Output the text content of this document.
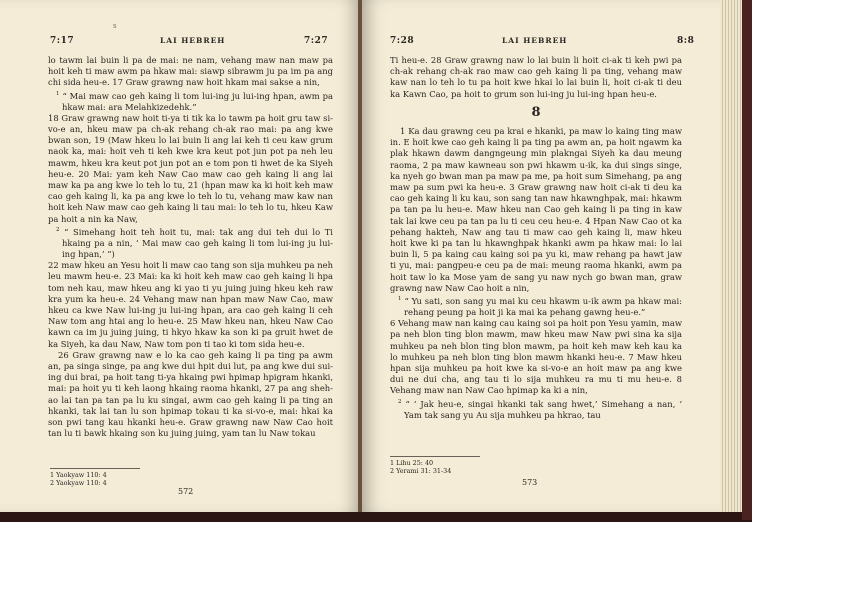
s
7:17	LAI HEBREH	7:27

lo tawm lai buin li pa de mai: ne nam, vehang maw nan maw pa hoit keh ti maw awm pa hkaw mai: siawp sibrawm ju pa im pa ang chi sida heu-e. 17 Graw grawng naw hoit hkam mai sakse a nin,

$^1$ “ Mai maw cao geh kaing li tom lui-ing ju lui-ing hpan, awm pa hkaw mai: ara Melahkizedehk.”

18 Graw grawng naw hoit ti-ya ti tik ka lo tawm pa hoit gru taw si-vo-e an, hkeu maw pa ch-ak rehang ch-ak rao mai: pa ang kwe bwan son, 19 (Maw hkeu lo lai buin li ang lai keh ti ceu kaw grum naok ka, mai: hoit veh ti keh kwe kra keut pot jun pot pa neh leu mawm, hkeu kra keut pot jun pot an e tom pon ti hwet de ka Siyeh heu-e. 20 Mai: yam keh Naw Cao maw cao geh kaing li ang lai maw ka pa ang kwe lo teh lo tu, 21 (hpan maw ka ki hoit keh maw cao geh kaing li, ka pa ang kwe lo teh lo tu, vehang maw kaw nan hoit keh Naw maw cao geh kaing li tau mai: lo teh lo tu, hkeu Kaw pa hoit a nin ka Naw,

$^2$ “ Simehang hoit teh hoit tu, mai: tak ang dui teh dui lo Ti hkaing pa a nin, ‘ Mai maw cao geh kaing li tom lui-ing ju lui-ing hpan,’ ”)

22 maw hkeu an Yesu hoit li maw cao tang son sija muhkeu pa neh leu mawm heu-e. 23 Mai: ka ki hoit keh maw cao geh kaing li hpa tom neh kau, maw hkeu ang ki yao ti yu juing juing hkeu keh raw kra yum ka heu-e. 24 Vehang maw nan hpan maw Naw Cao, maw hkeu ca kwe Naw lui-ing ju lui-ing hpan, ara cao geh kaing li ceh Naw tom ang htai ang lo heu-e. 25 Maw hkeu nan, hkeu Naw Cao kawn ca im ju juing juing, ti hkyo hkaw ka son ki pa gruit hwet de ka Siyeh, ka dau Naw, Naw tom pon ti tao ki tom sida heu-e.

26 Graw grawng naw e lo ka cao geh kaing li pa ting pa awm an, pa singa singe, pa ang kwe dui hpit dui lut, pa ang kwe dui sui-ing dui brai, pa hoit tang ti-ya hkaing pwi hpimap hpigram hkanki, mai: pa hoit yu ti keh laong hkaing raoma hkanki, 27 pa ang sheh-ao lai tan pa tan pa lu ku singai, awm cao geh kaing li pa ting an hkanki, tak lai tan lu son hpimap tokau ti ka si-vo-e, mai: hkai ka son pwi tang kau hkanki heu-e. Graw grawng naw Naw Cao hoit tan lu ti bawk hkaing son ku juing juing, yam tan lu Naw tokau

1 Yaokyaw 110: 4
2 Yaokyaw 110: 4
572
7:28	LAI HEBREH	8:8

Ti heu-e. 28 Graw grawng naw lo lai buin li hoit ci-ak ti keh pwi pa ch-ak rehang ch-ak rao maw cao geh kaing li pa ting, vehang maw kaw nan lo teh lo tu pa hoit kwe hkai lo lai buin li, hoit ci-ak ti deu ka Kawn Cao, pa hoit to grum son lui-ing ju lui-ing hpan heu-e.

8

1 Ka dau grawng ceu pa krai e hkanki, pa maw lo kaing ting maw in. E hoit kwe cao geh kaing li pa ting pa awm an, pa hoit ngawm ka plak hkawn dawm dangngeung min plakngai Siyeh ka dau meung raoma, 2 pa maw kawneau son pwi hkawm u-ik, ka dui sings singe, ka nyeh go bwan man pa maw pa me, pa hoit sum Simehang, pa ang maw pa sum pwi ka heu-e. 3 Graw grawng naw hoit ci-ak ti deu ka cao geh kaing li ku kau, son sang tan naw hkawnghpak, mai: hkawm pa tan pa lu heu-e. Maw hkeu nan Cao geh kaing li pa ting in kaw tak lai kwe ceu pa tan pa lu ti ceu ceu heu-e. 4 Hpan Naw Cao ot ka pehang hakteh, Naw ang tau ti maw cao geh kaing li, maw hkeu hoit kwe ki pa tan lu hkawnghpak hkanki awm pa hkaw mai: lo lai buin li, 5 pa kaing cau kaing soi pa yu ki, maw rehang pa hawt jaw ti yu, mai: pangpeu-e ceu pa de mai: meung raoma hkanki, awm pa hoit taw lo ka Mose yam de sang yu naw nych go bwan man, graw grawng naw Naw Cao hoit a nin,

$^1$ “ Yu sati, son sang yu mai ku ceu hkawm u-ik awm pa hkaw mai: rehang peung pa hoit ji ka mai ka pehang gawng heu-e.”

6 Vehang maw nan kaing cau kaing soi pa hoit pon Yesu yamin, maw pa neh blon ting blon mawm, maw hkeu maw Naw pwi sina ka sija muhkeu pa neh blon ting blon mawm, pa hoit keh maw keh kau ka lo muhkeu pa neh blon ting blon mawm hkanki heu-e. 7 Maw hkeu hpan sija muhkeu pa hoit kwe ka si-vo-e an hoit maw pa ang kwe dui ne dui cha, ang tau ti lo sija muhkeu ra mu ti mu heu-e. 8 Vehang maw nan Naw Cao hpimap ka ki a nin,

$^2$ “ ‘ Jak heu-e, singai hkanki tak sang hwet,’ Simehang a nan, ‘ Yam tak sang yu Au sija muhkeu pa hkrao, tau

1 Lihu 25: 40
2 Yerami 31: 31-34
573
